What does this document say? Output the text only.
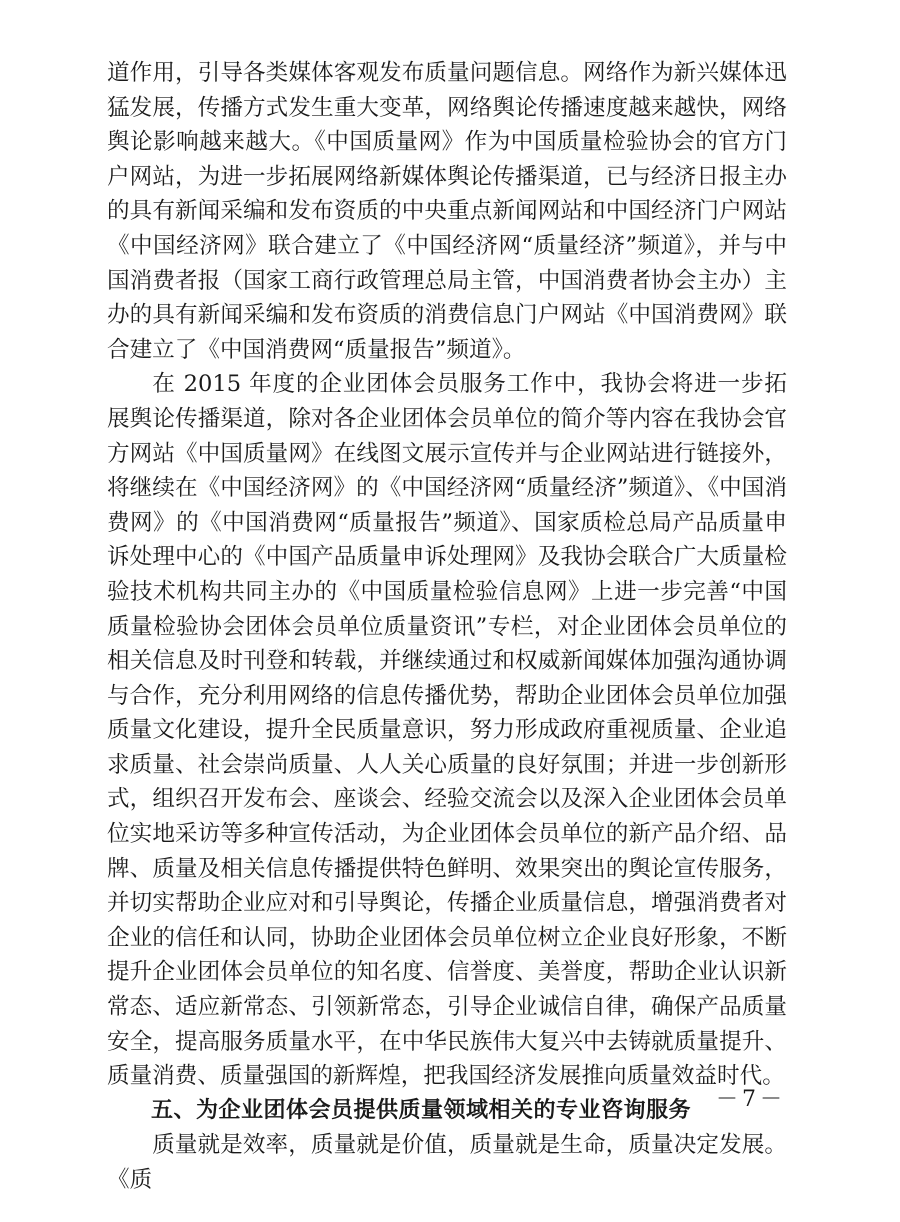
道作用，引导各类媒体客观发布质量问题信息。网络作为新兴媒体迅猛发展，传播方式发生重大变革，网络舆论传播速度越来越快，网络舆论影响越来越大。《中国质量网》作为中国质量检验协会的官方门户网站，为进一步拓展网络新媒体舆论传播渠道，已与经济日报主办的具有新闻采编和发布资质的中央重点新闻网站和中国经济门户网站《中国经济网》联合建立了《中国经济网“质量经济”频道》，并与中国消费者报（国家工商行政管理总局主管，中国消费者协会主办）主办的具有新闻采编和发布资质的消费信息门户网站《中国消费网》联合建立了《中国消费网“质量报告”频道》。

在 2015 年度的企业团体会员服务工作中，我协会将进一步拓展舆论传播渠道，除对各企业团体会员单位的简介等内容在我协会官方网站《中国质量网》在线图文展示宣传并与企业网站进行链接外，将继续在《中国经济网》的《中国经济网“质量经济”频道》、《中国消费网》的《中国消费网“质量报告”频道》、国家质检总局产品质量申诉处理中心的《中国产品质量申诉处理网》及我协会联合广大质量检验技术机构共同主办的《中国质量检验信息网》上进一步完善“中国质量检验协会团体会员单位质量资讯”专栏，对企业团体会员单位的相关信息及时刊登和转载，并继续通过和权威新闻媒体加强沟通协调与合作，充分利用网络的信息传播优势，帮助企业团体会员单位加强质量文化建设，提升全民质量意识，努力形成政府重视质量、企业追求质量、社会崇尚质量、人人关心质量的良好氛围；并进一步创新形式，组织召开发布会、座谈会、经验交流会以及深入企业团体会员单位实地采访等多种宣传活动，为企业团体会员单位的新产品介绍、品牌、质量及相关信息传播提供特色鲜明、效果突出的舆论宣传服务，并切实帮助企业应对和引导舆论，传播企业质量信息，增强消费者对企业的信任和认同，协助企业团体会员单位树立企业良好形象，不断提升企业团体会员单位的知名度、信誉度、美誉度，帮助企业认识新常态、适应新常态、引领新常态，引导企业诚信自律，确保产品质量安全，提高服务质量水平，在中华民族伟大复兴中去铸就质量提升、质量消费、质量强国的新辉煌，把我国经济发展推向质量效益时代。

五、为企业团体会员提供质量领域相关的专业咨询服务

质量就是效率，质量就是价值，质量就是生命，质量决定发展。《质

－7－
